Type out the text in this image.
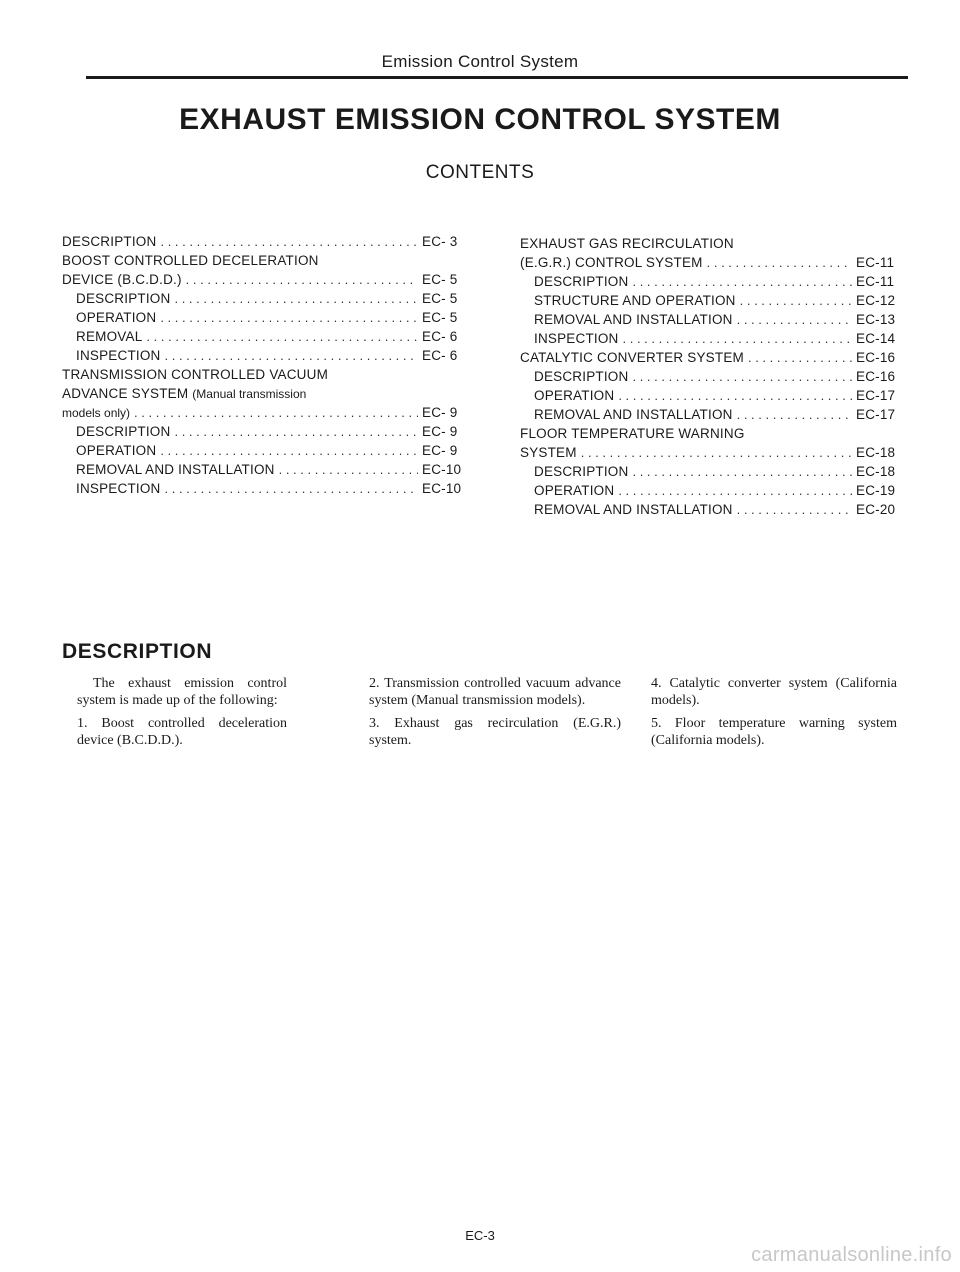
Emission Control System
EXHAUST EMISSION CONTROL SYSTEM
CONTENTS
DESCRIPTION . . .	EC- 3
BOOST CONTROLLED DECELERATION
DEVICE (B.C.D.D.) . . .	EC- 5
DESCRIPTION . . .	EC- 5
OPERATION . . .	EC- 5
REMOVAL . . .	EC- 6
INSPECTION . . .	EC- 6
TRANSMISSION CONTROLLED VACUUM
ADVANCE SYSTEM (Manual transmission
models only) . . .	EC- 9
DESCRIPTION . . .	EC- 9
OPERATION . . .	EC- 9
REMOVAL AND INSTALLATION . . .	EC-10
INSPECTION . . .	EC-10
EXHAUST GAS RECIRCULATION
(E.G.R.) CONTROL SYSTEM . . .	EC-11
DESCRIPTION . . .	EC-11
STRUCTURE AND OPERATION . . .	EC-12
REMOVAL AND INSTALLATION . . .	EC-13
INSPECTION . . .	EC-14
CATALYTIC CONVERTER SYSTEM . . .	EC-16
DESCRIPTION . . .	EC-16
OPERATION . . .	EC-17
REMOVAL AND INSTALLATION . . .	EC-17
FLOOR TEMPERATURE WARNING
SYSTEM . . .	EC-18
DESCRIPTION . . .	EC-18
OPERATION . . .	EC-19
REMOVAL AND INSTALLATION . . .	EC-20
DESCRIPTION

The exhaust emission control system is made up of the following:

1. Boost controlled deceleration device (B.C.D.D.).

2. Transmission controlled vacuum advance system (Manual transmission models).

3. Exhaust gas recirculation (E.G.R.) system.

4. Catalytic converter system (California models).

5. Floor temperature warning system (California models).

EC-3
carmanualsonline.info
